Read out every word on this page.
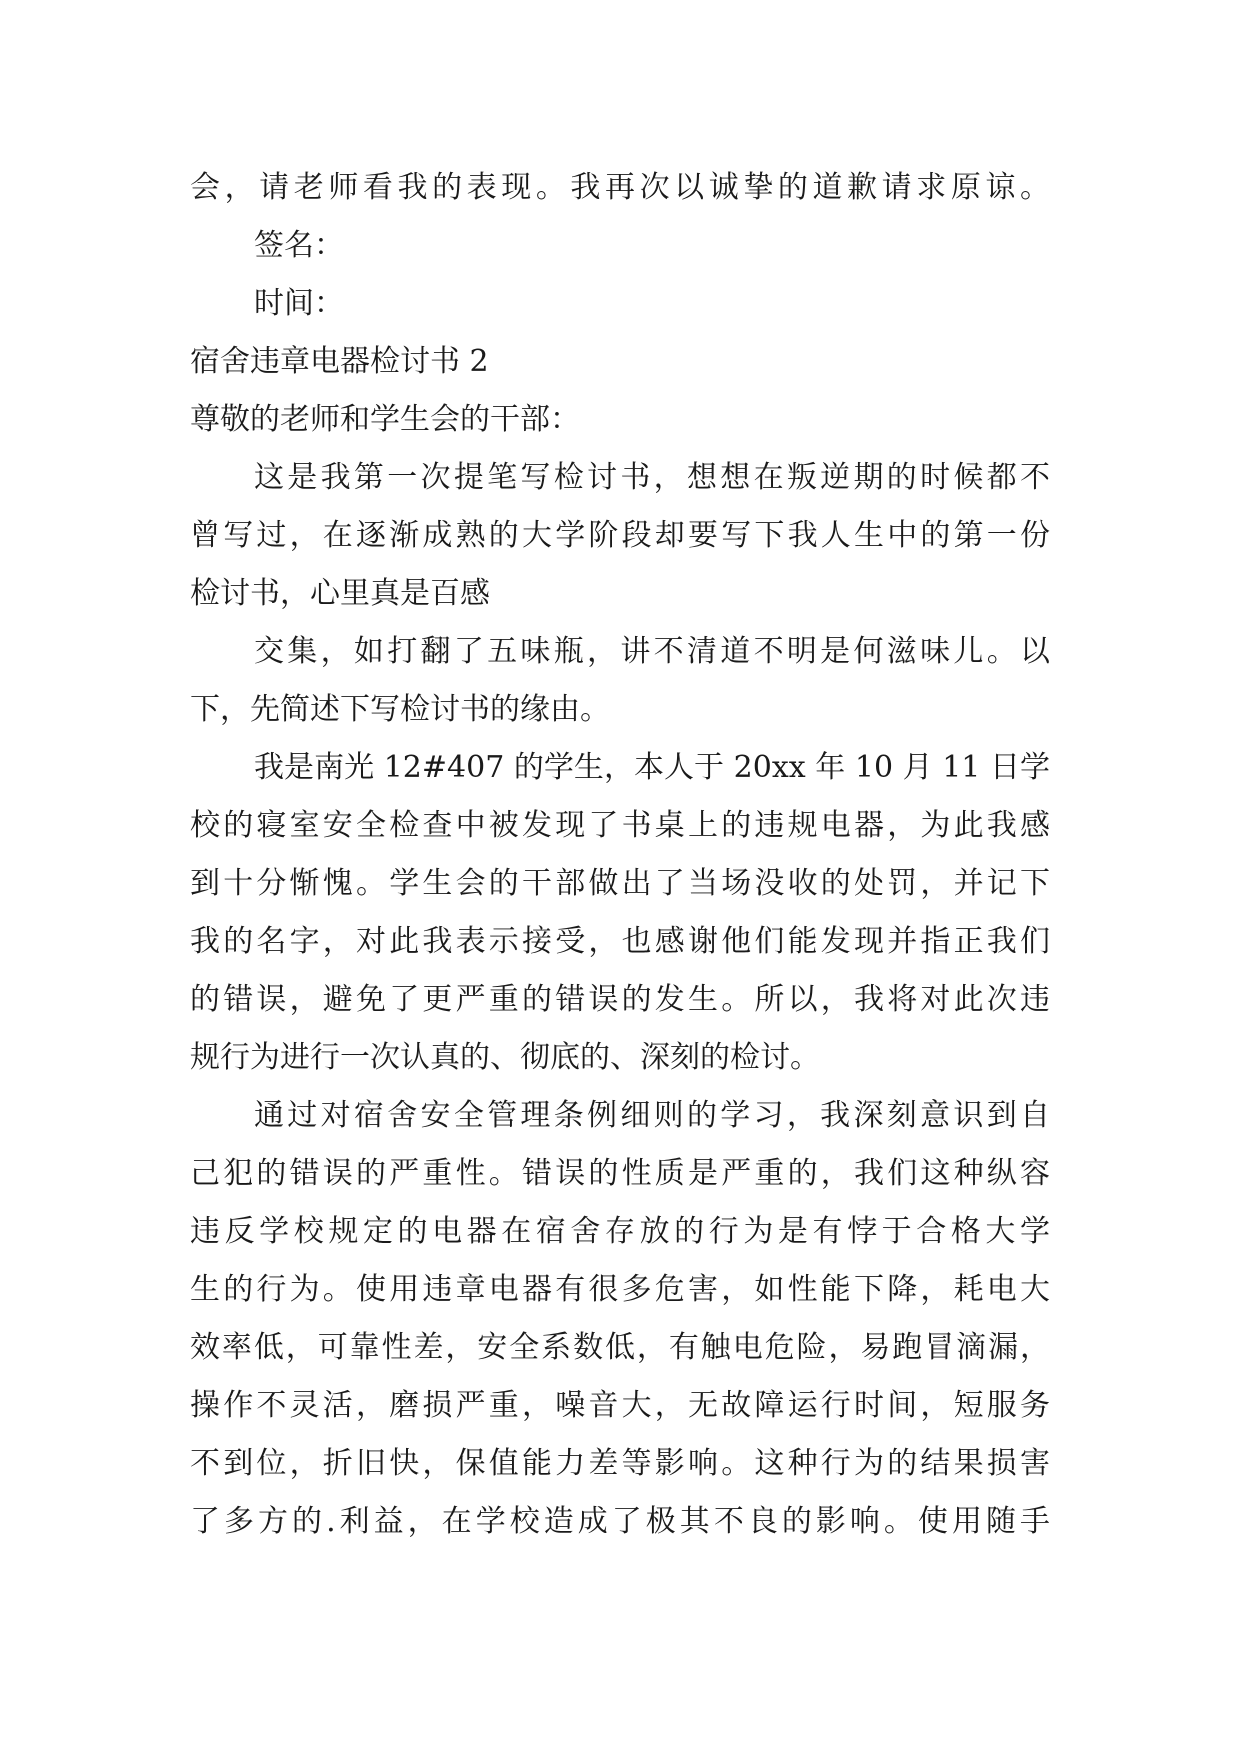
会，请老师看我的表现。我再次以诚挚的道歉请求原谅。
签名：
时间：
宿舍违章电器检讨书 2
尊敬的老师和学生会的干部：
这是我第一次提笔写检讨书，想想在叛逆期的时候都不
曾写过，在逐渐成熟的大学阶段却要写下我人生中的第一份
检讨书，心里真是百感
交集，如打翻了五味瓶，讲不清道不明是何滋味儿。以
下，先简述下写检讨书的缘由。
我是南光 12#407 的学生，本人于 20xx 年 10 月 11 日学
校的寝室安全检查中被发现了书桌上的违规电器，为此我感
到十分惭愧。学生会的干部做出了当场没收的处罚，并记下
我的名字，对此我表示接受，也感谢他们能发现并指正我们
的错误，避免了更严重的错误的发生。所以，我将对此次违
规行为进行一次认真的、彻底的、深刻的检讨。
通过对宿舍安全管理条例细则的学习，我深刻意识到自
己犯的错误的严重性。错误的性质是严重的，我们这种纵容
违反学校规定的电器在宿舍存放的行为是有悖于合格大学
生的行为。使用违章电器有很多危害，如性能下降，耗电大
效率低，可靠性差，安全系数低，有触电危险，易跑冒滴漏，
操作不灵活，磨损严重，噪音大，无故障运行时间，短服务
不到位，折旧快，保值能力差等影响。这种行为的结果损害
了多方的.利益，在学校造成了极其不良的影响。使用随手
